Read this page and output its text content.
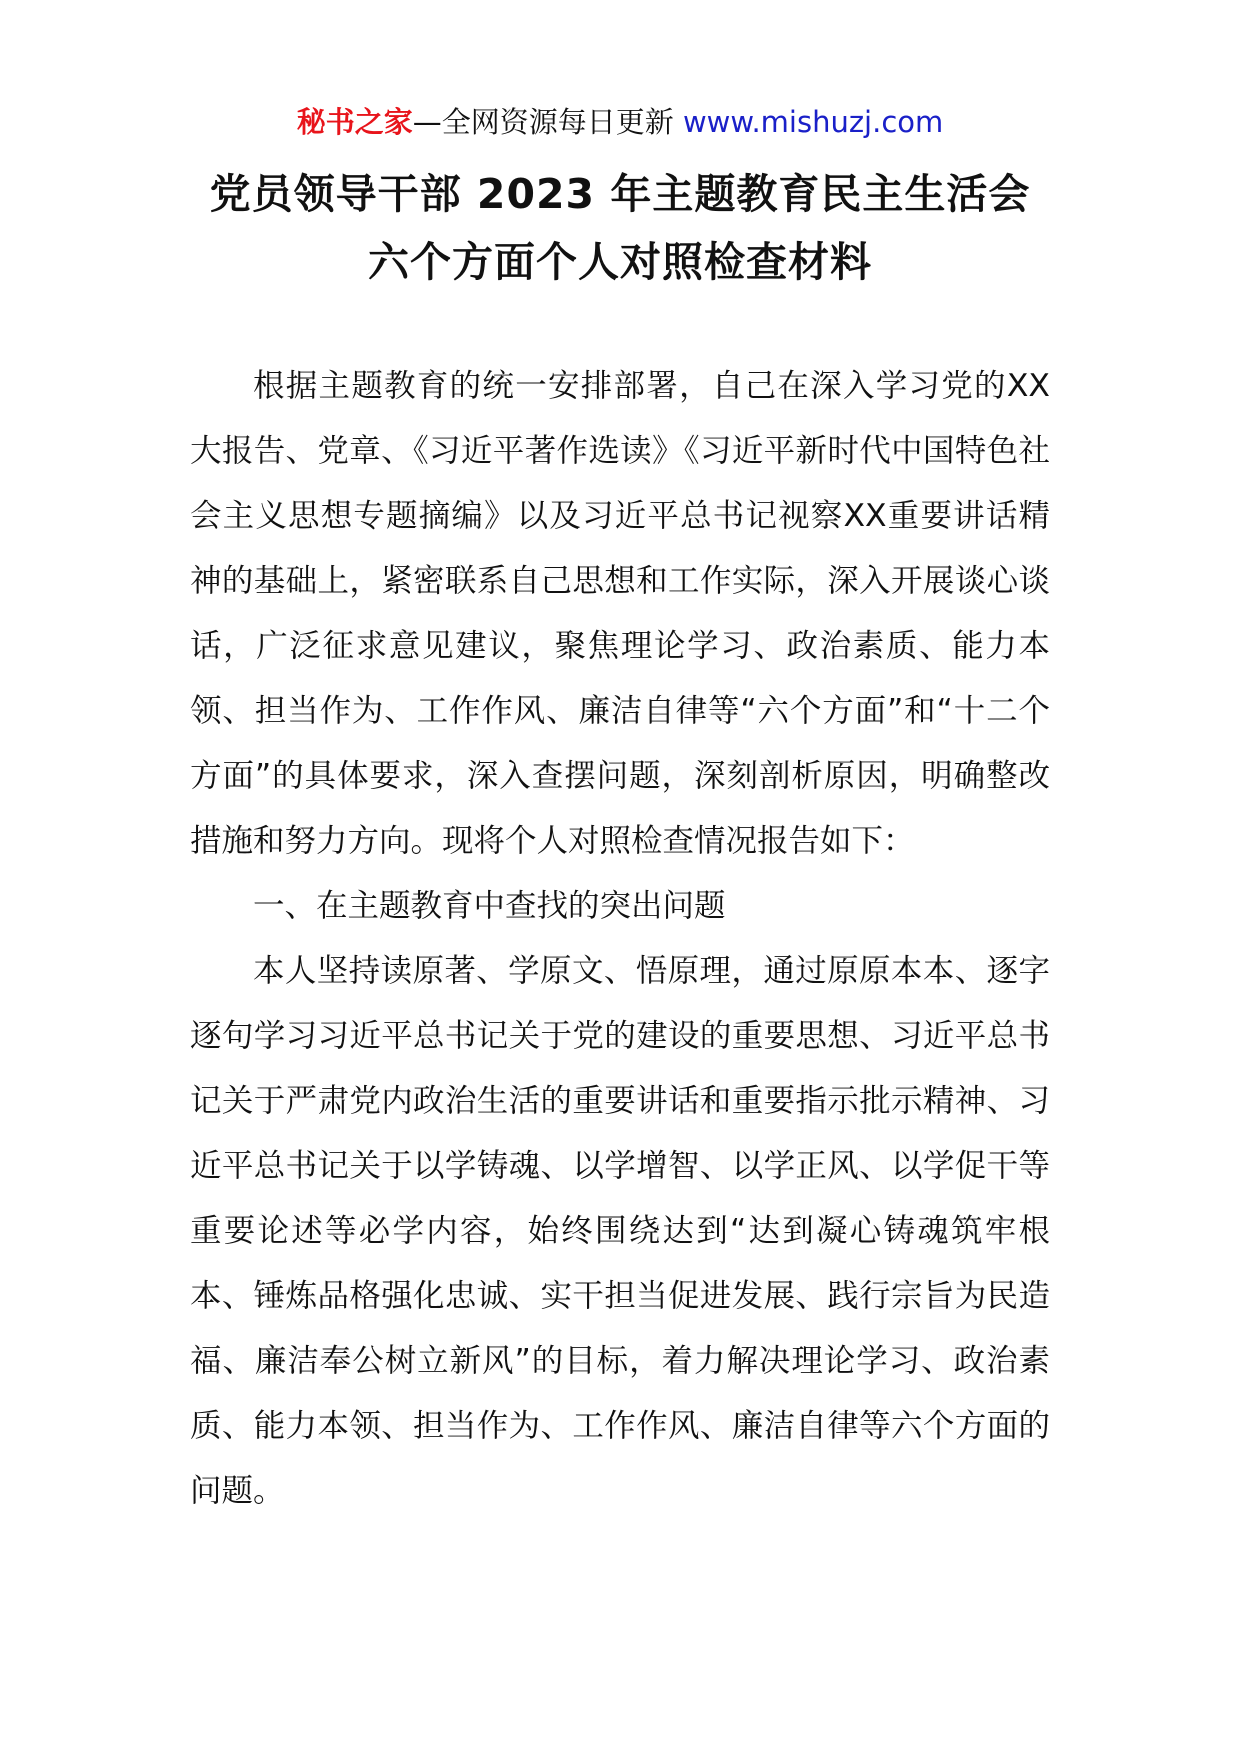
秘书之家—全网资源每日更新 www.mishuzj.com
党员领导干部 2023 年主题教育民主生活会
六个方面个人对照检查材料

根据主题教育的统一安排部署，自己在深入学习党的XX大报告、党章、《习近平著作选读》《习近平新时代中国特色社会主义思想专题摘编》以及习近平总书记视察XX重要讲话精神的基础上，紧密联系自己思想和工作实际，深入开展谈心谈话，广泛征求意见建议，聚焦理论学习、政治素质、能力本领、担当作为、工作作风、廉洁自律等“六个方面”和“十二个方面”的具体要求，深入查摆问题，深刻剖析原因，明确整改措施和努力方向。现将个人对照检查情况报告如下：

一、在主题教育中查找的突出问题

本人坚持读原著、学原文、悟原理，通过原原本本、逐字逐句学习习近平总书记关于党的建设的重要思想、习近平总书记关于严肃党内政治生活的重要讲话和重要指示批示精神、习近平总书记关于以学铸魂、以学增智、以学正风、以学促干等重要论述等必学内容，始终围绕达到“达到凝心铸魂筑牢根本、锤炼品格强化忠诚、实干担当促进发展、践行宗旨为民造福、廉洁奉公树立新风”的目标，着力解决理论学习、政治素质、能力本领、担当作为、工作作风、廉洁自律等六个方面的问题。
